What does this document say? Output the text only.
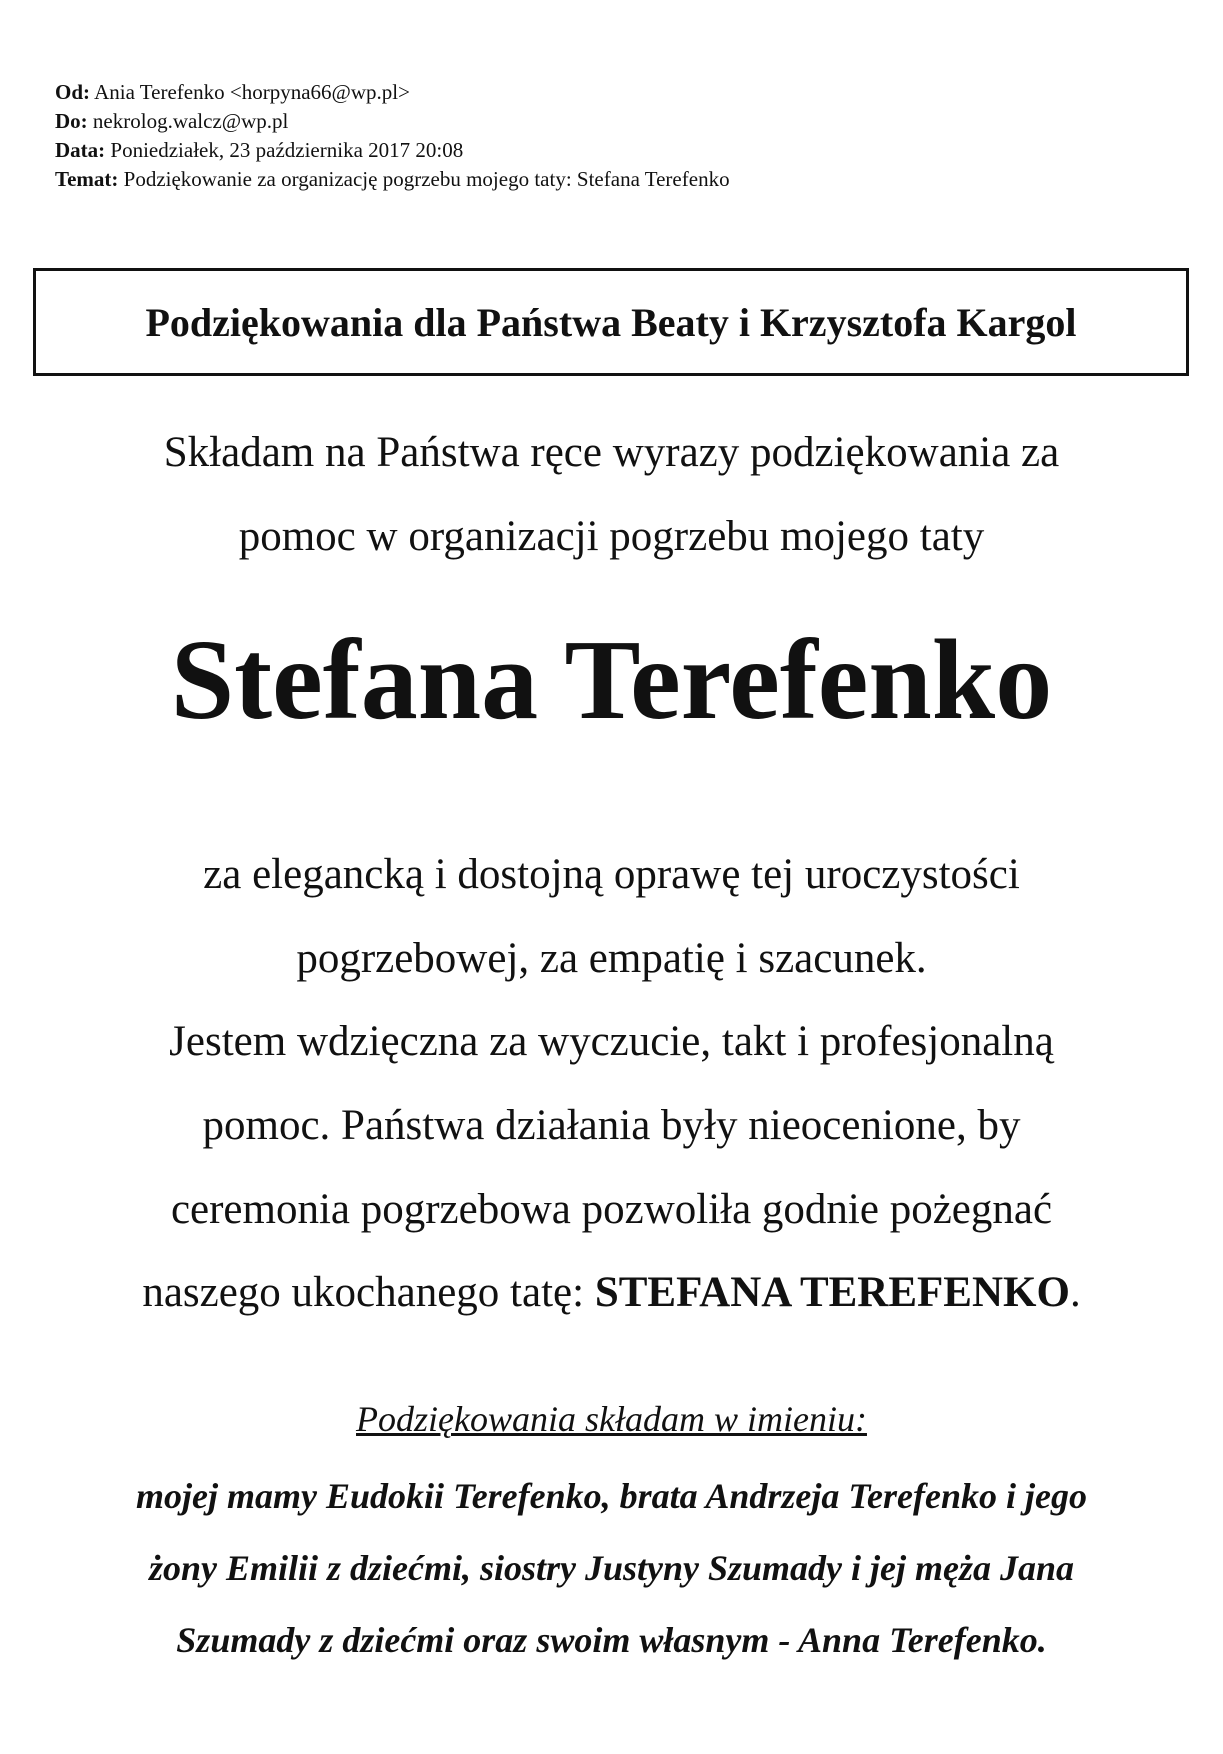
Od: Ania Terefenko <horpyna66@wp.pl>
Do: nekrolog.walcz@wp.pl
Data: Poniedziałek, 23 października 2017 20:08
Temat: Podziękowanie za organizację pogrzebu mojego taty: Stefana Terefenko
Podziękowania dla Państwa Beaty i Krzysztofa Kargol
Składam na Państwa ręce wyrazy podziękowania za
pomoc w organizacji pogrzebu mojego taty
Stefana Terefenko
za elegancką i dostojną oprawę tej uroczystości
pogrzebowej, za empatię i szacunek.
Jestem wdzięczna za wyczucie, takt i profesjonalną
pomoc. Państwa działania były nieocenione, by
ceremonia pogrzebowa pozwoliła godnie pożegnać
naszego ukochanego tatę: STEFANA TEREFENKO.
Podziękowania składam w imieniu:
mojej mamy Eudokii Terefenko, brata Andrzeja Terefenko i jego
żony Emilii z dziećmi, siostry Justyny Szumady i jej męża Jana
Szumady z dziećmi oraz swoim własnym - Anna Terefenko.
